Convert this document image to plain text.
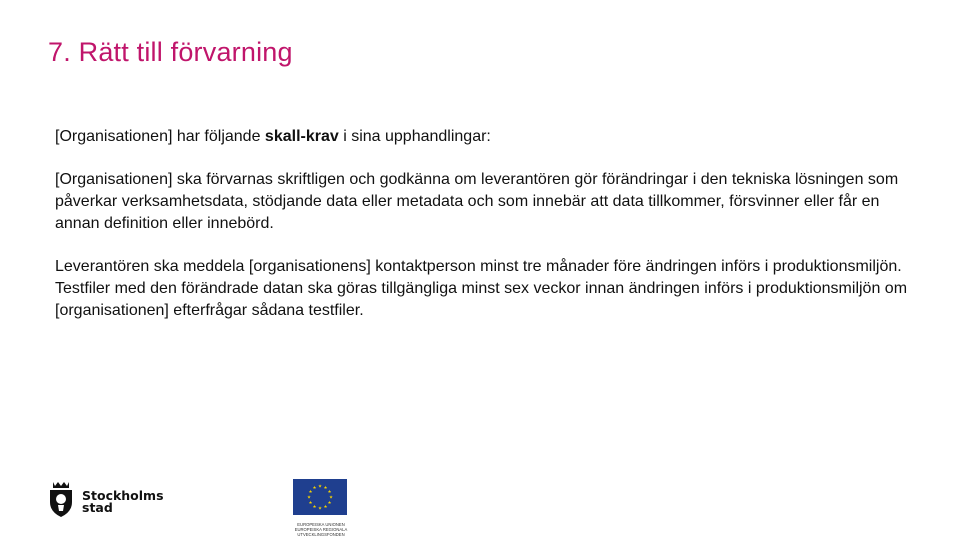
7. Rätt till förvarning

[Organisationen] har följande skall-krav i sina upphandlingar:

[Organisationen] ska förvarnas skriftligen och godkänna om leverantören gör förändringar i den tekniska lösningen som påverkar verksamhetsdata, stödjande data eller metadata och som innebär att data tillkommer, försvinner eller får en annan definition eller innebörd.

Leverantören ska meddela [organisationens] kontaktperson minst tre månader före ändringen införs i produktionsmiljön. Testfiler med den förändrade datan ska göras tillgängliga minst sex veckor innan ändringen införs i produktionsmiljön om [organisationen] efterfrågar sådana testfiler.

Stockholms
stad
★
★
★
★
★
★
★
★
★ ★ ★
★
EUROPEISKA UNIONEN
EUROPEISKA REGIONALA UTVECKLINGSFONDEN
